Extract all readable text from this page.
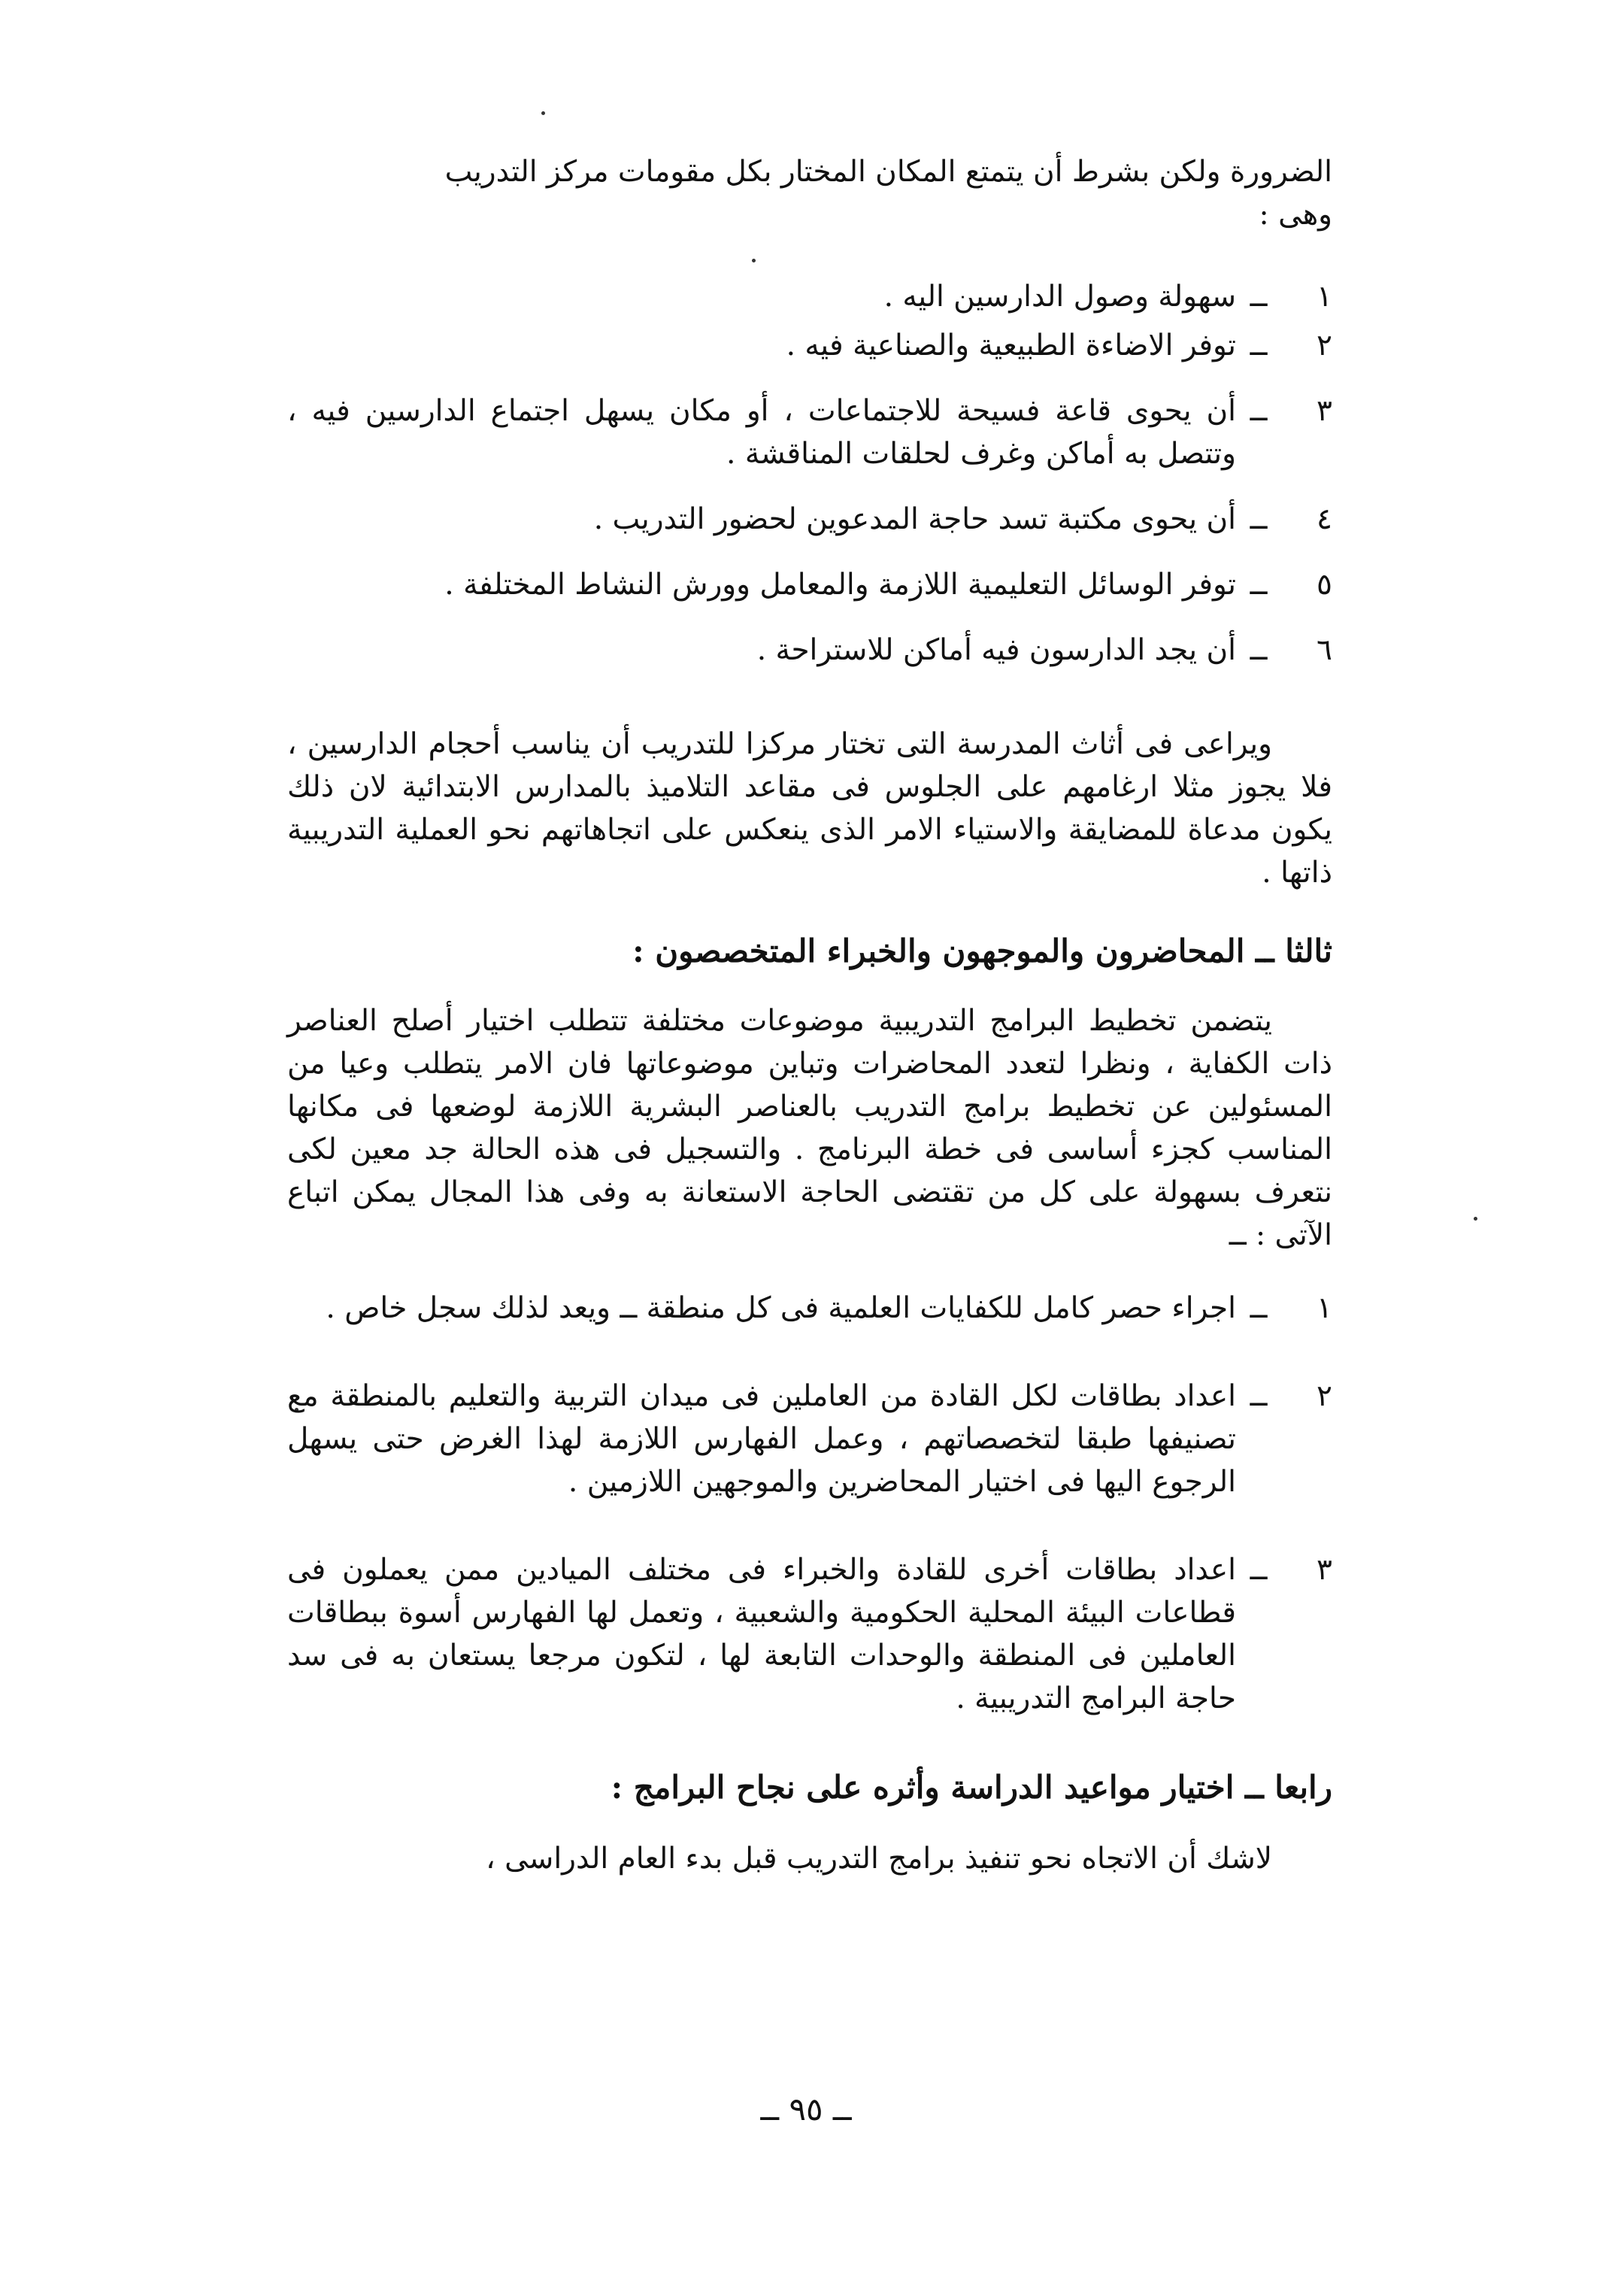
الضرورة ولكن بشرط أن يتمتع المكان المختار بكل مقومات مركز التدريب
وهى :

١
ــ
سهولة وصول الدارسين اليه .
٢
ــ
توفر الاضاءة الطبيعية والصناعية فيه .
٣
ــ
أن يحوى قاعة فسيحة للاجتماعات ، أو مكان يسهل اجتماع الدارسين فيه ، وتتصل به أماكن وغرف لحلقات المناقشة .
٤
ــ
أن يحوى مكتبة تسد حاجة المدعوين لحضور التدريب .
٥
ــ
توفر الوسائل التعليمية اللازمة والمعامل وورش النشاط المختلفة .
٦
ــ
أن يجد الدارسون فيه أماكن للاستراحة .

ويراعى فى أثاث المدرسة التى تختار مركزا للتدريب أن يناسب أحجام الدارسين ، فلا يجوز مثلا ارغامهم على الجلوس فى مقاعد التلاميذ بالمدارس الابتدائية لان ذلك يكون مدعاة للمضايقة والاستياء الامر الذى ينعكس على اتجاهاتهم نحو العملية التدريبية ذاتها .

ثالثا ــ المحاضرون والموجهون والخبراء المتخصصون :

يتضمن تخطيط البرامج التدريبية موضوعات مختلفة تتطلب اختيار أصلح العناصر ذات الكفاية ، ونظرا لتعدد المحاضرات وتباين موضوعاتها فان الامر يتطلب وعيا من المسئولين عن تخطيط برامج التدريب بالعناصر البشرية اللازمة لوضعها فى مكانها المناسب كجزء أساسى فى خطة البرنامج . والتسجيل فى هذه الحالة جد معين لكى نتعرف بسهولة على كل من تقتضى الحاجة الاستعانة به وفى هذا المجال يمكن اتباع الآتى : ــ

١
ــ
اجراء حصر كامل للكفايات العلمية فى كل منطقة ــ ويعد لذلك سجل خاص .
٢
ــ
اعداد بطاقات لكل القادة من العاملين فى ميدان التربية والتعليم بالمنطقة مع تصنيفها طبقا لتخصصاتهم ، وعمل الفهارس اللازمة لهذا الغرض حتى يسهل الرجوع اليها فى اختيار المحاضرين والموجهين اللازمين .
٣
ــ
اعداد بطاقات أخرى للقادة والخبراء فى مختلف الميادين ممن يعملون فى قطاعات البيئة المحلية الحكومية والشعبية ، وتعمل لها الفهارس أسوة ببطاقات العاملين فى المنطقة والوحدات التابعة لها ، لتكون مرجعا يستعان به فى سد حاجة البرامج التدريبية .
رابعا ــ اختيار مواعيد الدراسة وأثره على نجاح البرامج :

لاشك أن الاتجاه نحو تنفيذ برامج التدريب قبل بدء العام الدراسى ،

ــ ٩٥ ــ
